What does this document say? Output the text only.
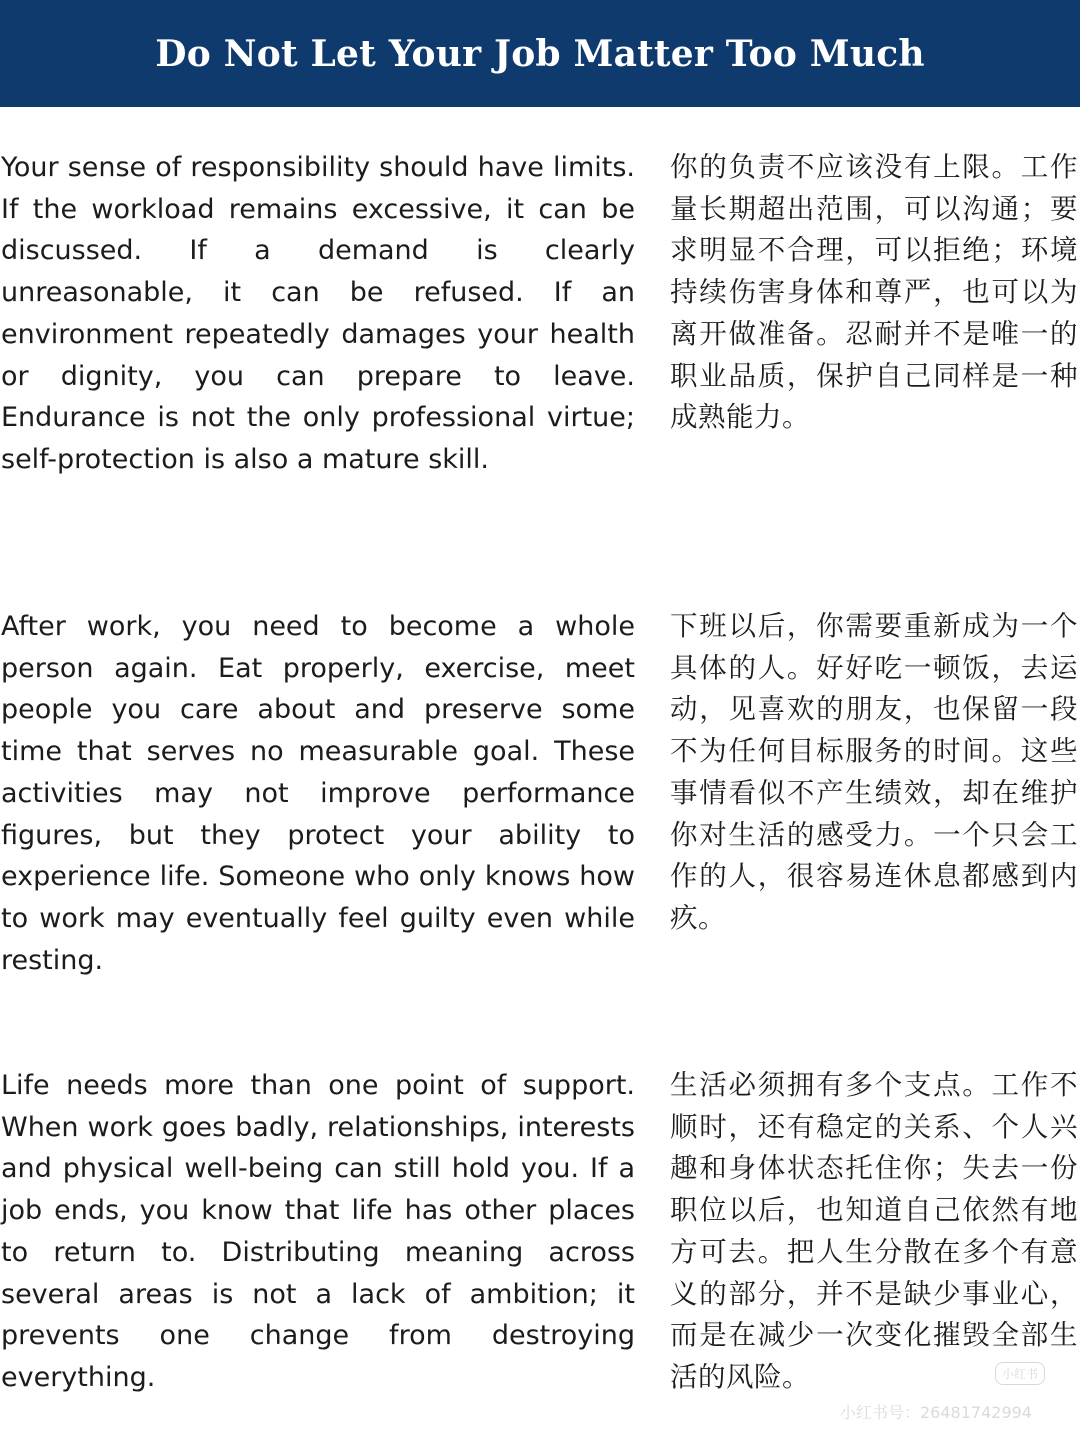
Do Not Let Your Job Matter Too Much
Your sense of responsibility should have limits. If the workload remains excessive, it can be discussed. If a demand is clearly unreasonable, it can be refused. If an environment repeatedly damages your health or dignity, you can prepare to leave. Endurance is not the only professional virtue; self-protection is also a mature skill.
你的负责不应该没有上限。工作量长期超出范围，可以沟通；要求明显不合理，可以拒绝；环境持续伤害身体和尊严，也可以为离开做准备。忍耐并不是唯一的职业品质，保护自己同样是一种成熟能力。
After work, you need to become a whole person again. Eat properly, exercise, meet people you care about and preserve some time that serves no measurable goal. These activities may not improve performance figures, but they protect your ability to experience life. Someone who only knows how to work may eventually feel guilty even while resting.
下班以后，你需要重新成为一个具体的人。好好吃一顿饭，去运动，见喜欢的朋友，也保留一段不为任何目标服务的时间。这些事情看似不产生绩效，却在维护你对生活的感受力。一个只会工作的人，很容易连休息都感到内疚。
Life needs more than one point of support. When work goes badly, relationships, interests and physical well-being can still hold you. If a job ends, you know that life has other places to return to. Distributing meaning across several areas is not a lack of ambition; it prevents one change from destroying everything.
生活必须拥有多个支点。工作不顺时，还有稳定的关系、个人兴趣和身体状态托住你；失去一份职位以后，也知道自己依然有地方可去。把人生分散在多个有意义的部分，并不是缺少事业心，而是在减少一次变化摧毁全部生活的风险。	小红书
小红书号：26481742994
